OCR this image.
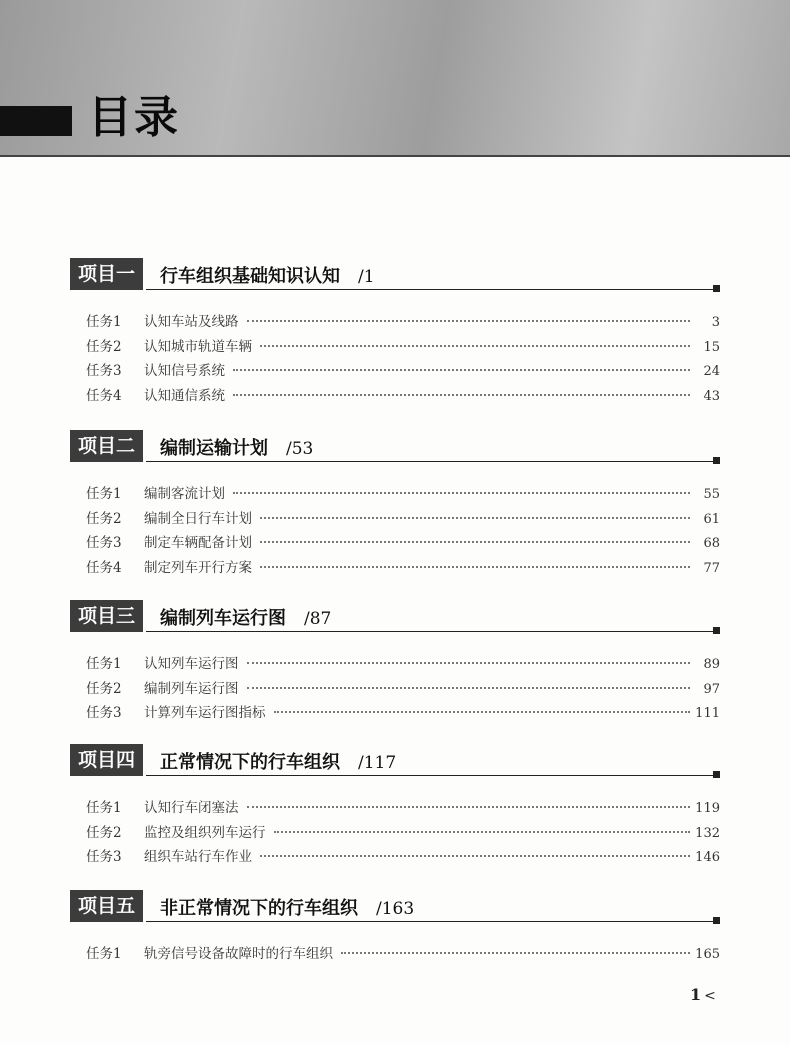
目录
项目一	行车组织基础知识认知 /1
任务1	认知车站及线路	3
任务2	认知城市轨道车辆	15
任务3	认知信号系统	24
任务4	认知通信系统	43
项目二	编制运输计划 /53
任务1	编制客流计划	55
任务2	编制全日行车计划	61
任务3	制定车辆配备计划	68
任务4	制定列车开行方案	77
项目三	编制列车运行图 /87
任务1	认知列车运行图	89
任务2	编制列车运行图	97
任务3	计算列车运行图指标	111
项目四	正常情况下的行车组织 /117
任务1	认知行车闭塞法	119
任务2	监控及组织列车运行	132
任务3	组织车站行车作业	146
项目五	非正常情况下的行车组织 /163
任务1	轨旁信号设备故障时的行车组织	165
1 <
